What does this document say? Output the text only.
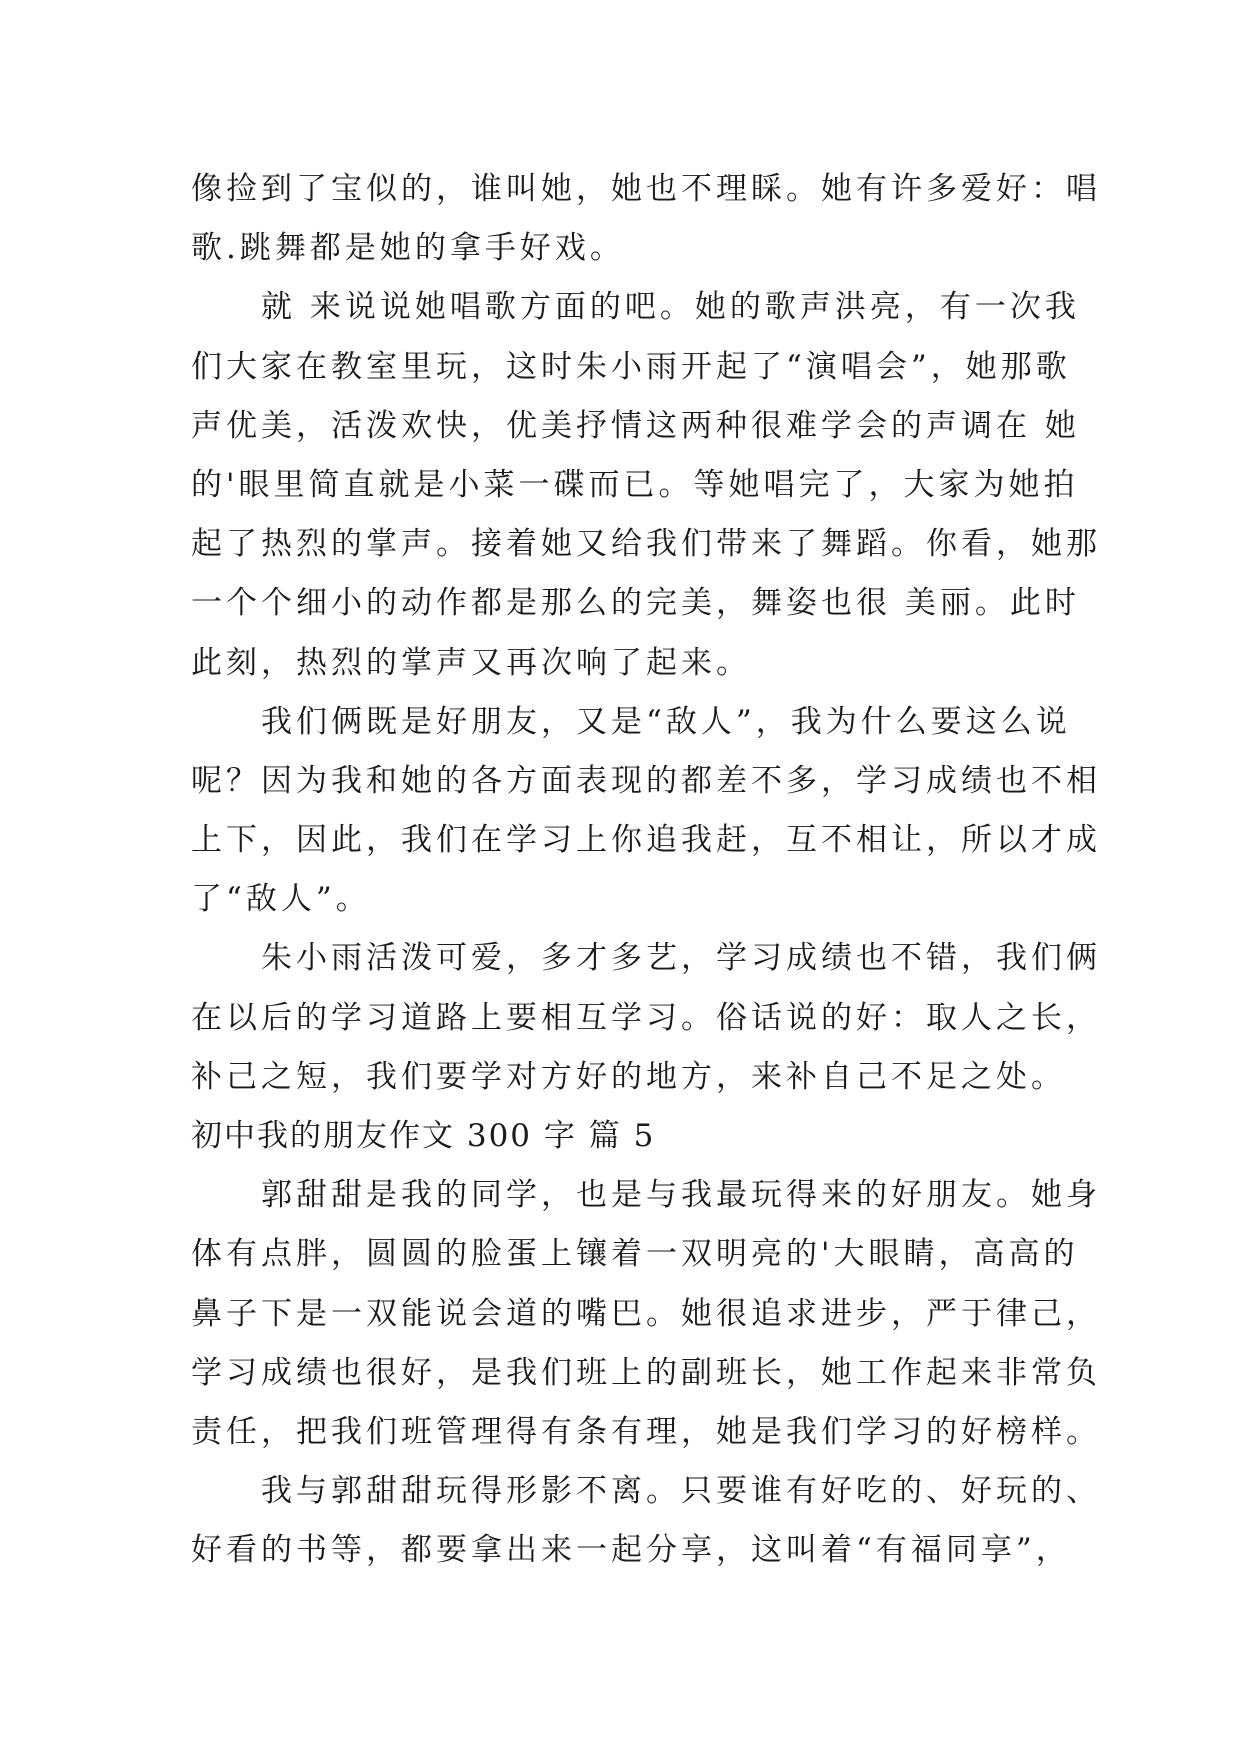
像捡到了宝似的，谁叫她，她也不理睬。她有许多爱好：唱
歌.跳舞都是她的拿手好戏。
就 来说说她唱歌方面的吧。她的歌声洪亮，有一次我
们大家在教室里玩，这时朱小雨开起了“演唱会”，她那歌
声优美，活泼欢快，优美抒情这两种很难学会的声调在 她
的'眼里简直就是小菜一碟而已。等她唱完了，大家为她拍
起了热烈的掌声。接着她又给我们带来了舞蹈。你看，她那
一个个细小的动作都是那么的完美，舞姿也很 美丽。此时
此刻，热烈的掌声又再次响了起来。
我们俩既是好朋友，又是“敌人”，我为什么要这么说
呢？因为我和她的各方面表现的都差不多，学习成绩也不相
上下，因此，我们在学习上你追我赶，互不相让，所以才成
了“敌人”。
朱小雨活泼可爱，多才多艺，学习成绩也不错，我们俩
在以后的学习道路上要相互学习。俗话说的好：取人之长，
补己之短，我们要学对方好的地方，来补自己不足之处。
初中我的朋友作文 300 字 篇 5
郭甜甜是我的同学，也是与我最玩得来的好朋友。她身
体有点胖，圆圆的脸蛋上镶着一双明亮的'大眼睛，高高的
鼻子下是一双能说会道的嘴巴。她很追求进步，严于律己，
学习成绩也很好，是我们班上的副班长，她工作起来非常负
责任，把我们班管理得有条有理，她是我们学习的好榜样。
我与郭甜甜玩得形影不离。只要谁有好吃的、好玩的、
好看的书等，都要拿出来一起分享，这叫着“有福同享”，
